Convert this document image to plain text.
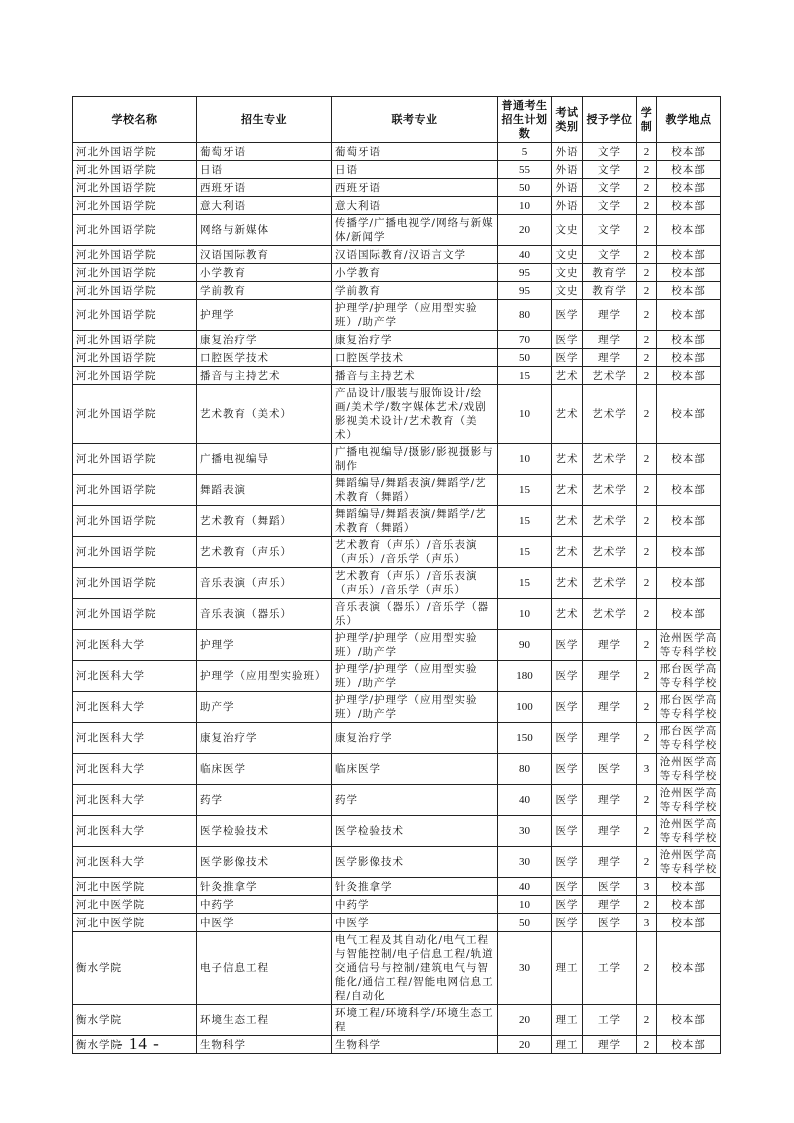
学校名称	招生专业	联考专业	普通考生招生计划数	考试类别	授予学位	学制	教学地点
河北外国语学院	葡萄牙语	葡萄牙语	5	外语	文学	2	校本部
河北外国语学院	日语	日语	55	外语	文学	2	校本部
河北外国语学院	西班牙语	西班牙语	50	外语	文学	2	校本部
河北外国语学院	意大利语	意大利语	10	外语	文学	2	校本部
河北外国语学院	网络与新媒体	传播学/广播电视学/网络与新媒体/新闻学	20	文史	文学	2	校本部
河北外国语学院	汉语国际教育	汉语国际教育/汉语言文学	40	文史	文学	2	校本部
河北外国语学院	小学教育	小学教育	95	文史	教育学	2	校本部
河北外国语学院	学前教育	学前教育	95	文史	教育学	2	校本部
河北外国语学院	护理学	护理学/护理学（应用型实验班）/助产学	80	医学	理学	2	校本部
河北外国语学院	康复治疗学	康复治疗学	70	医学	理学	2	校本部
河北外国语学院	口腔医学技术	口腔医学技术	50	医学	理学	2	校本部
河北外国语学院	播音与主持艺术	播音与主持艺术	15	艺术	艺术学	2	校本部
河北外国语学院	艺术教育（美术）	产品设计/服装与服饰设计/绘画/美术学/数字媒体艺术/戏剧影视美术设计/艺术教育（美术）	10	艺术	艺术学	2	校本部
河北外国语学院	广播电视编导	广播电视编导/摄影/影视摄影与制作	10	艺术	艺术学	2	校本部
河北外国语学院	舞蹈表演	舞蹈编导/舞蹈表演/舞蹈学/艺术教育（舞蹈）	15	艺术	艺术学	2	校本部
河北外国语学院	艺术教育（舞蹈）	舞蹈编导/舞蹈表演/舞蹈学/艺术教育（舞蹈）	15	艺术	艺术学	2	校本部
河北外国语学院	艺术教育（声乐）	艺术教育（声乐）/音乐表演（声乐）/音乐学（声乐）	15	艺术	艺术学	2	校本部
河北外国语学院	音乐表演（声乐）	艺术教育（声乐）/音乐表演（声乐）/音乐学（声乐）	15	艺术	艺术学	2	校本部
河北外国语学院	音乐表演（器乐）	音乐表演（器乐）/音乐学（器乐）	10	艺术	艺术学	2	校本部
河北医科大学	护理学	护理学/护理学（应用型实验班）/助产学	90	医学	理学	2	沧州医学高等专科学校
河北医科大学	护理学（应用型实验班）	护理学/护理学（应用型实验班）/助产学	180	医学	理学	2	邢台医学高等专科学校
河北医科大学	助产学	护理学/护理学（应用型实验班）/助产学	100	医学	理学	2	邢台医学高等专科学校
河北医科大学	康复治疗学	康复治疗学	150	医学	理学	2	邢台医学高等专科学校
河北医科大学	临床医学	临床医学	80	医学	医学	3	沧州医学高等专科学校
河北医科大学	药学	药学	40	医学	理学	2	沧州医学高等专科学校
河北医科大学	医学检验技术	医学检验技术	30	医学	理学	2	沧州医学高等专科学校
河北医科大学	医学影像技术	医学影像技术	30	医学	理学	2	沧州医学高等专科学校
河北中医学院	针灸推拿学	针灸推拿学	40	医学	医学	3	校本部
河北中医学院	中药学	中药学	10	医学	理学	2	校本部
河北中医学院	中医学	中医学	50	医学	医学	3	校本部
衡水学院	电子信息工程	电气工程及其自动化/电气工程与智能控制/电子信息工程/轨道交通信号与控制/建筑电气与智能化/通信工程/智能电网信息工程/自动化	30	理工	工学	2	校本部
衡水学院	环境生态工程	环境工程/环境科学/环境生态工程	20	理工	工学	2	校本部
衡水学院	生物科学	生物科学	20	理工	理学	2	校本部
- 14 -
